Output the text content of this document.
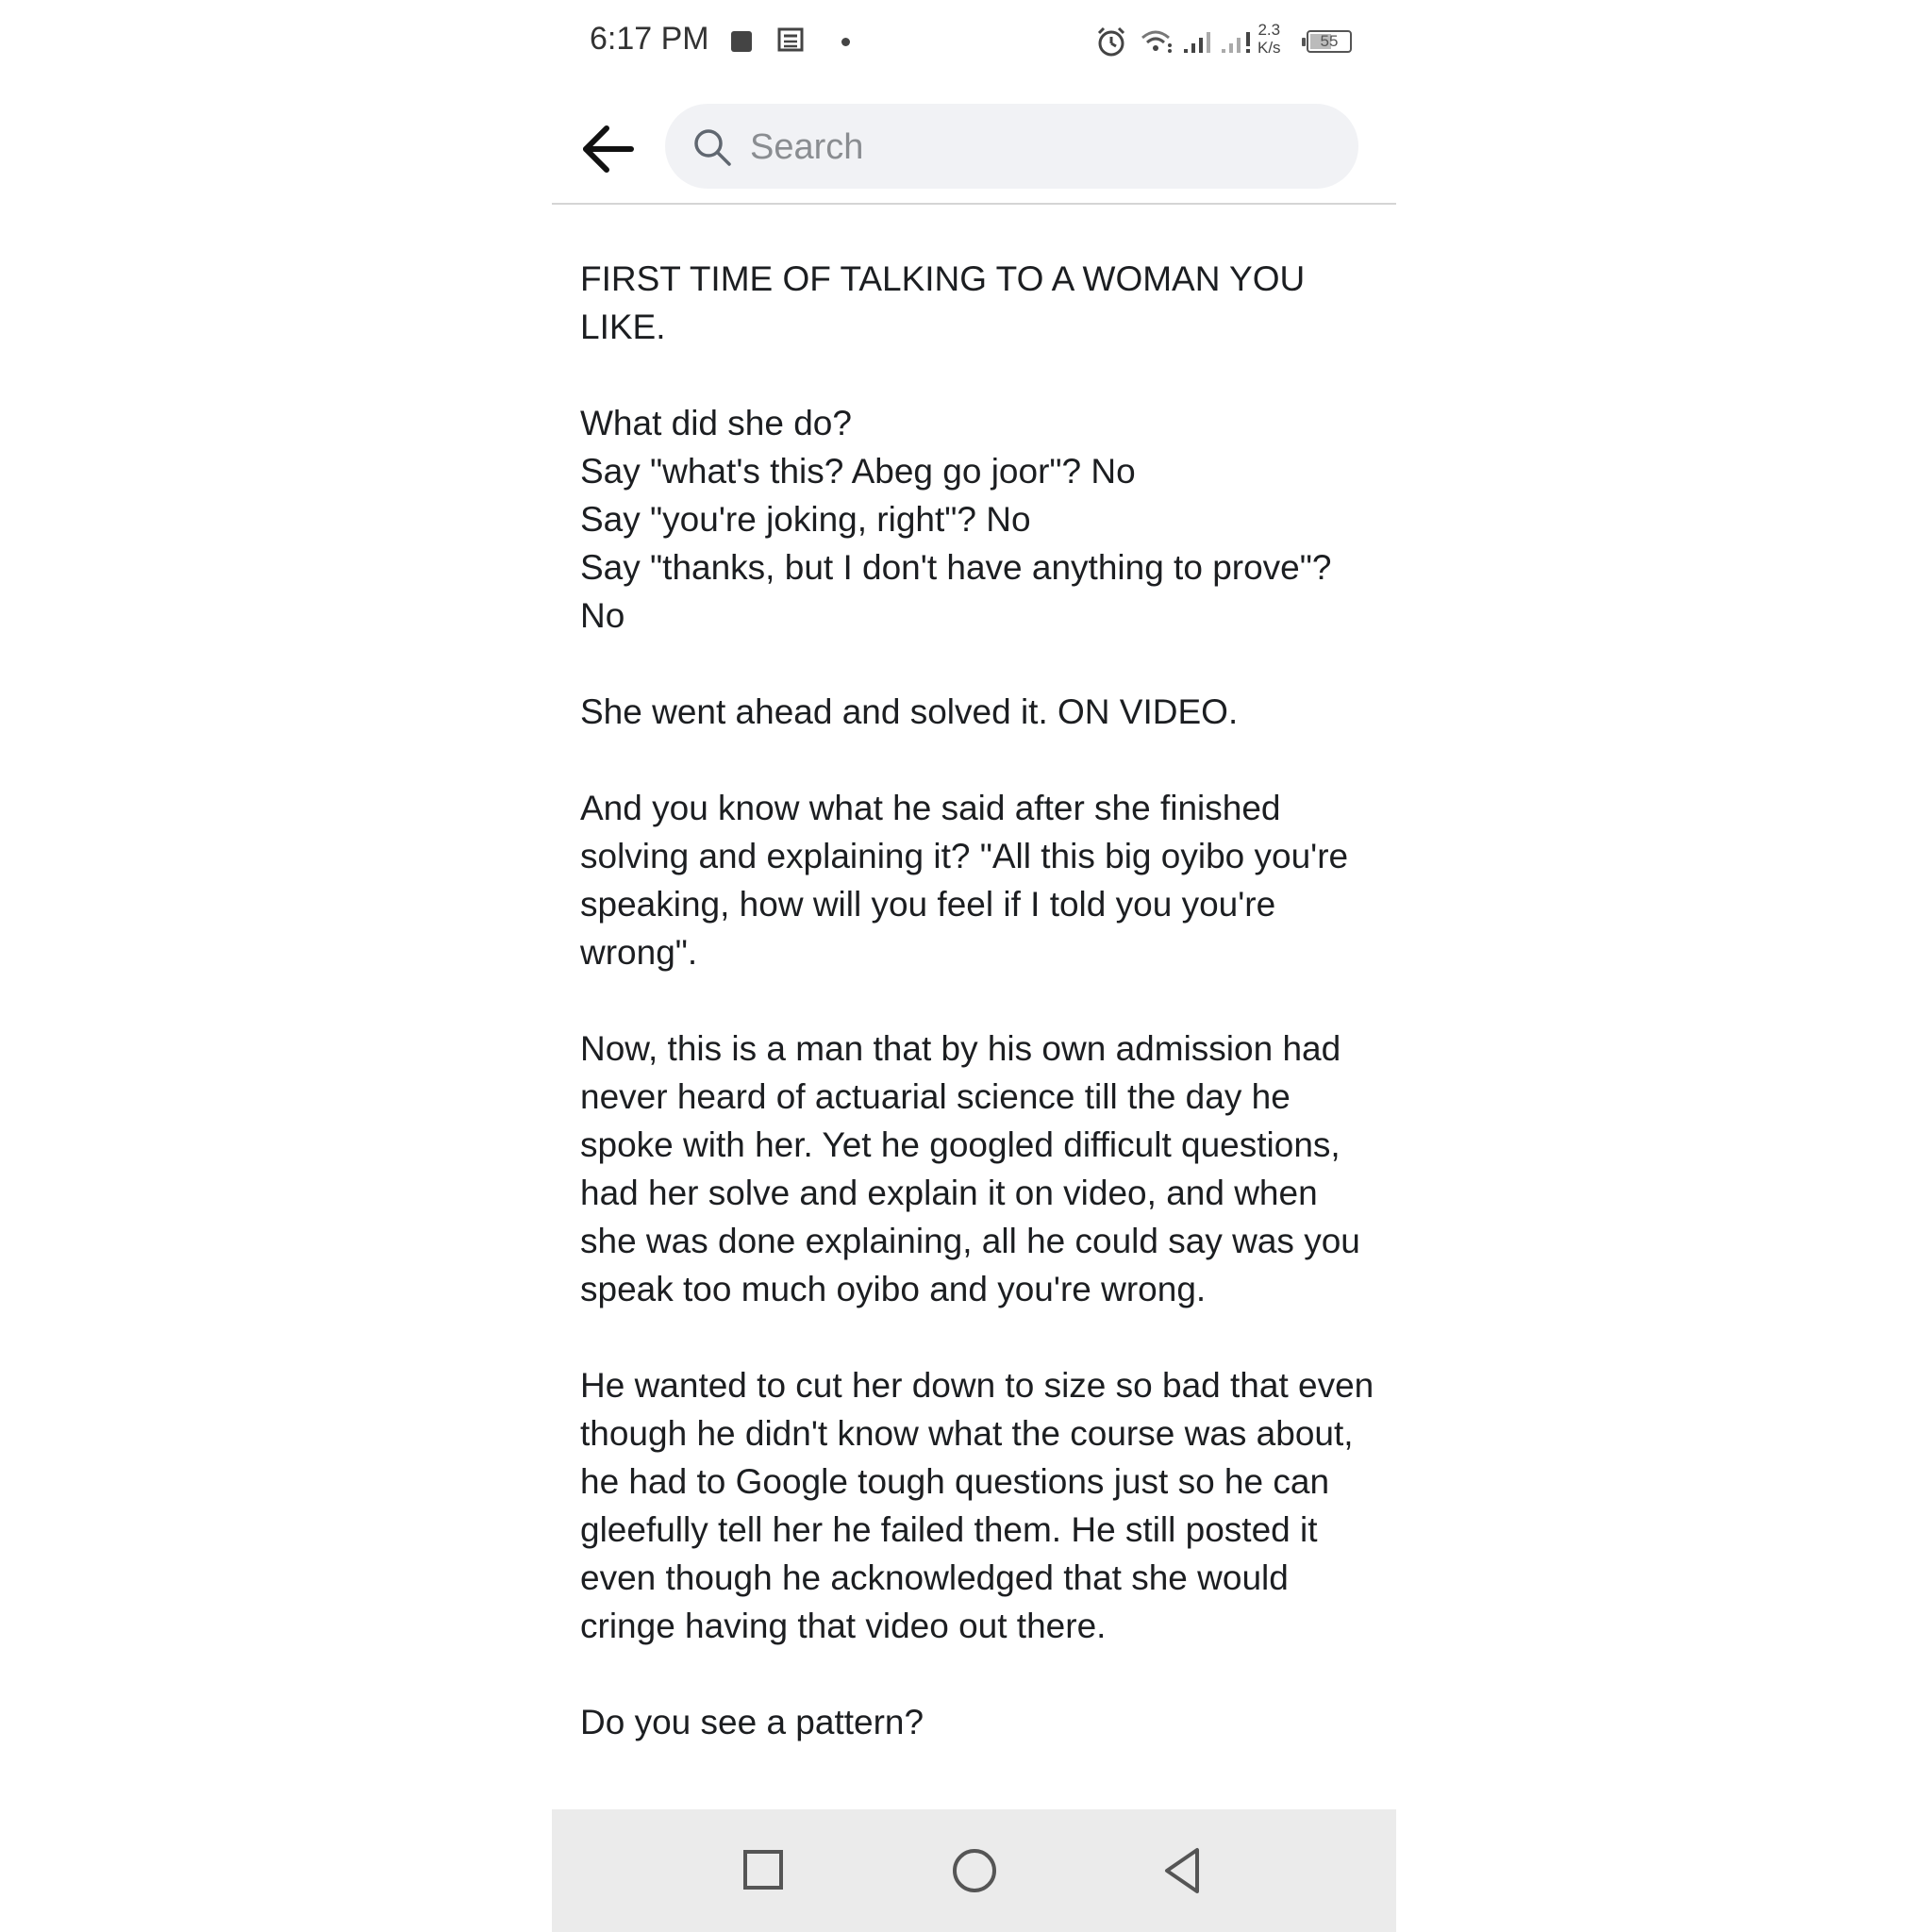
6:17 PM	2.3
K/s	55
Search

FIRST TIME OF TALKING TO A WOMAN YOU LIKE.

What did she do?
Say "what's this? Abeg go joor"? No
Say "you're joking, right"? No
Say "thanks, but I don't have anything to prove"? No

She went ahead and solved it. ON VIDEO.

And you know what he said after she finished solving and explaining it? "All this big oyibo you're speaking, how will you feel if I told you you're wrong".

Now, this is a man that by his own admission had never heard of actuarial science till the day he spoke with her. Yet he googled difficult questions, had her solve and explain it on video, and when she was done explaining, all he could say was you speak too much oyibo and you're wrong.

He wanted to cut her down to size so bad that even though he didn't know what the course was about, he had to Google tough questions just so he can gleefully tell her he failed them. He still posted it even though he acknowledged that she would cringe having that video out there.

Do you see a pattern?
